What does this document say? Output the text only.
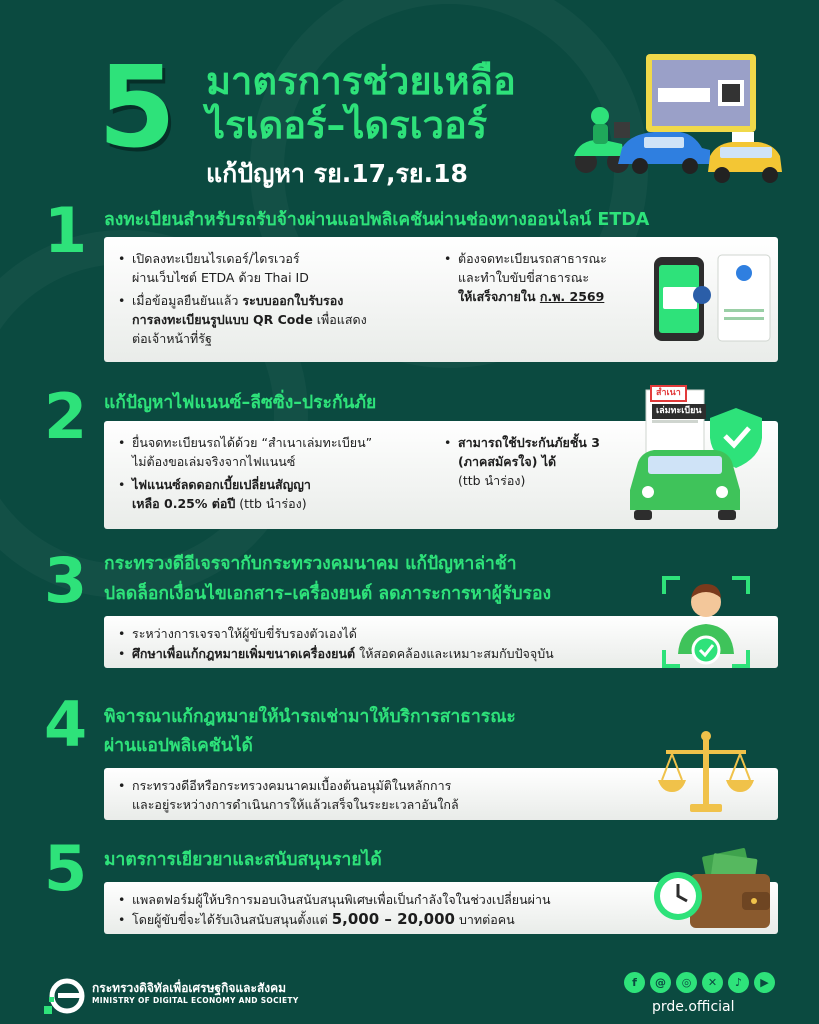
5 มาตรการช่วยเหลือ
ไรเดอร์–ไดรเวอร์
แก้ปัญหา รย.17,รย.18
1 ลงทะเบียนสำหรับรถรับจ้างผ่านแอปพลิเคชันผ่านช่องทางออนไลน์ ETDA
• เปิดลงทะเบียนไรเดอร์/ไดรเวอร์
ผ่านเว็บไซต์ ETDA ด้วย Thai ID
• เมื่อข้อมูลยืนยันแล้ว ระบบออกใบรับรอง
การลงทะเบียนรูปแบบ QR Code เพื่อแสดง
ต่อเจ้าหน้าที่รัฐ
• ต้องจดทะเบียนรถสาธารณะ
และทำใบขับขี่สาธารณะ
ให้เสร็จภายใน ก.พ. 2569
2 แก้ปัญหาไฟแนนซ์–ลีซซิ่ง–ประกันภัย
• ยื่นจดทะเบียนรถได้ด้วย “สำเนาเล่มทะเบียน”
ไม่ต้องขอเล่มจริงจากไฟแนนซ์
• ไฟแนนซ์ลดดอกเบี้ยเปลี่ยนสัญญา
เหลือ 0.25% ต่อปี (ttb นำร่อง)
• สามารถใช้ประกันภัยชั้น 3
(ภาคสมัครใจ) ได้
(ttb นำร่อง)
สำเนา
เล่มทะเบียน
3 กระทรวงดีอีเจรจากับกระทรวงคมนาคม แก้ปัญหาล่าช้า
ปลดล็อกเงื่อนไขเอกสาร–เครื่องยนต์ ลดภาระการหาผู้รับรอง
• ระหว่างการเจรจาให้ผู้ขับขี่รับรองตัวเองได้
• ศึกษาเพื่อแก้กฎหมายเพิ่มขนาดเครื่องยนต์ ให้สอดคล้องและเหมาะสมกับปัจจุบัน
4 พิจารณาแก้กฎหมายให้นำรถเช่ามาให้บริการสาธารณะ
ผ่านแอปพลิเคชันได้
• กระทรวงดีอีหรือกระทรวงคมนาคมเบื้องต้นอนุมัติในหลักการ
และอยู่ระหว่างการดำเนินการให้แล้วเสร็จในระยะเวลาอันใกล้
5 มาตรการเยียวยาและสนับสนุนรายได้
• แพลตฟอร์มผู้ให้บริการมอบเงินสนับสนุนพิเศษเพื่อเป็นกำลังใจในช่วงเปลี่ยนผ่าน
• โดยผู้ขับขี่จะได้รับเงินสนับสนุนตั้งแต่ 5,000 – 20,000 บาทต่อคน
กระทรวงดิจิทัลเพื่อเศรษฐกิจและสังคม
MINISTRY OF DIGITAL ECONOMY AND SOCIETY
f	@	◎	✕	♪	▶
prde.official
